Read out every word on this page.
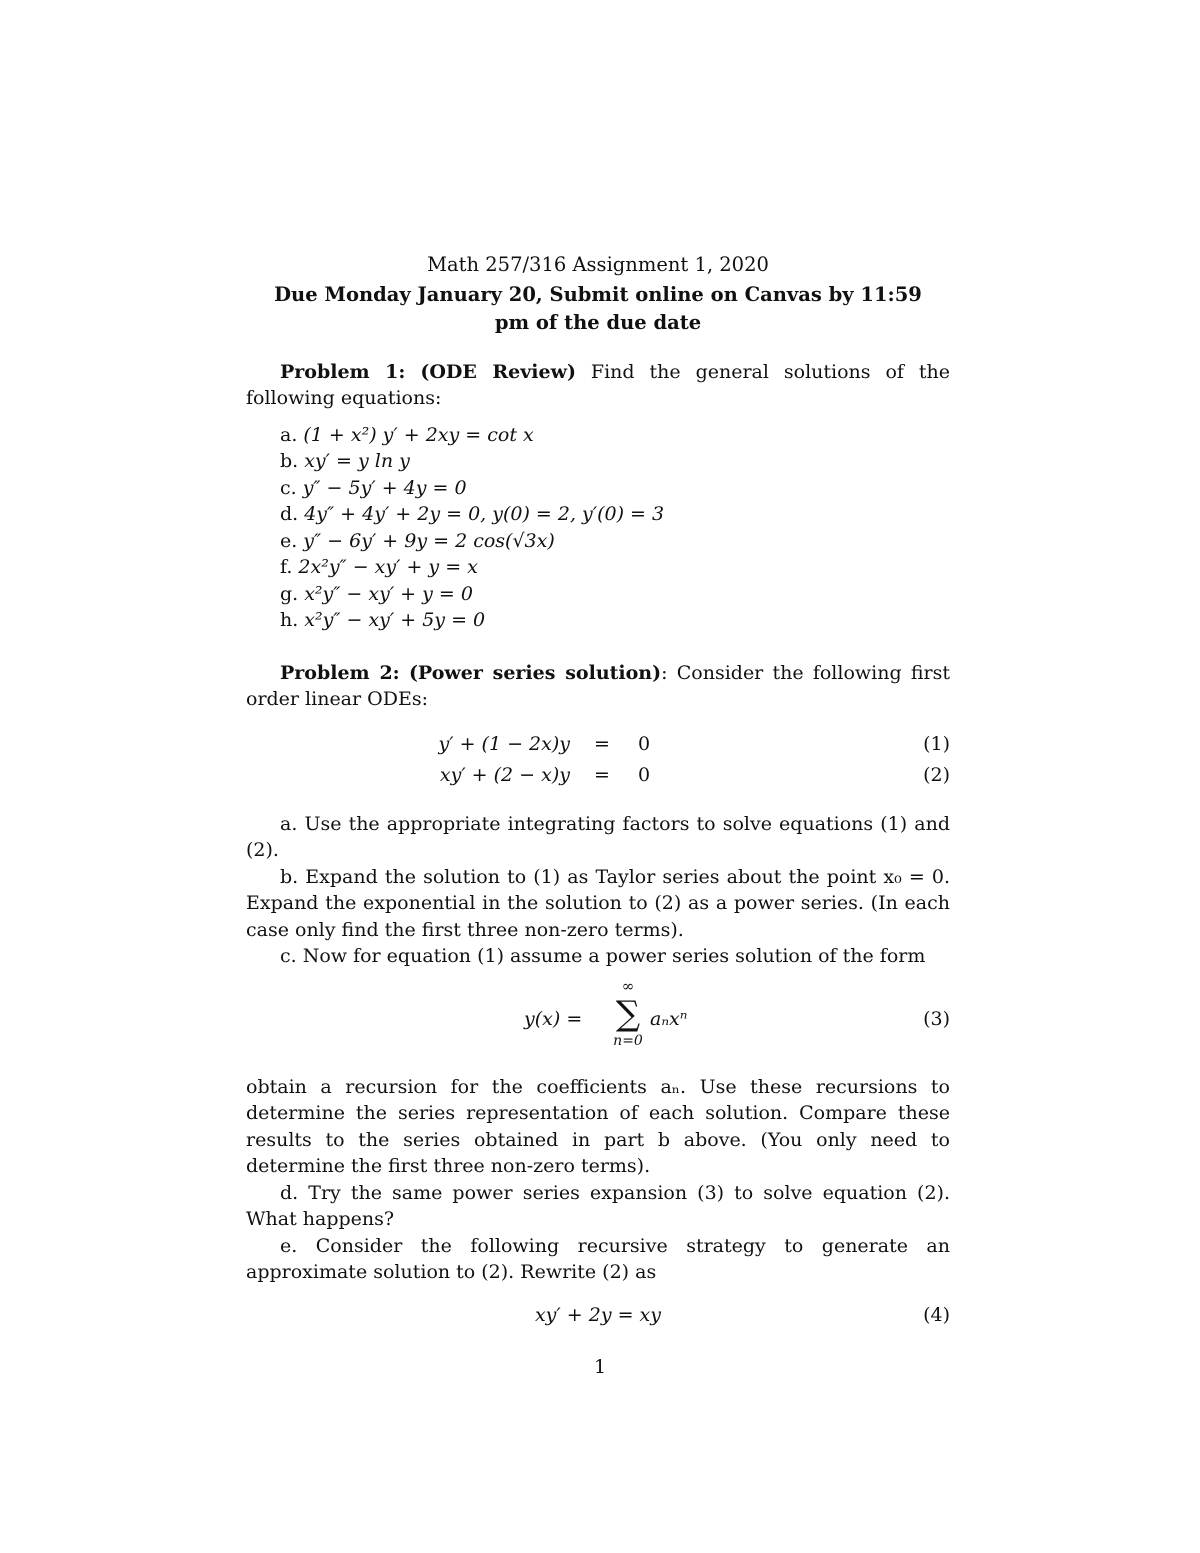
Math 257/316 Assignment 1, 2020
Due Monday January 20, Submit online on Canvas by 11:59
pm of the due date

Problem 1: (ODE Review) Find the general solutions of the following equations:

a. (1 + x²) y′ + 2xy = cot x
b. xy′ = y ln y
c. y″ − 5y′ + 4y = 0
d. 4y″ + 4y′ + 2y = 0, y(0) = 2, y′(0) = 3
e. y″ − 6y′ + 9y = 2 cos(√3x)
f. 2x²y″ − xy′ + y = x
g. x²y″ − xy′ + y = 0
h. x²y″ − xy′ + 5y = 0

Problem 2: (Power series solution): Consider the following first order linear ODEs:

y′ + (1 − 2x)y	=	0	(1)
xy′ + (2 − x)y	=	0	(2)

a. Use the appropriate integrating factors to solve equations (1) and (2).

b. Expand the solution to (1) as Taylor series about the point x₀ = 0. Expand the exponential in the solution to (2) as a power series. (In each case only find the first three non-zero terms).

c. Now for equation (1) assume a power series solution of the form

y(x) =
∞
∑
n=0
aₙxⁿ	(3)

obtain a recursion for the coefficients aₙ. Use these recursions to determine the series representation of each solution. Compare these results to the series obtained in part b above. (You only need to determine the first three non-zero terms).

d. Try the same power series expansion (3) to solve equation (2). What happens?

e. Consider the following recursive strategy to generate an approximate solution to (2). Rewrite (2) as

xy′ + 2y = xy	(4)
1
